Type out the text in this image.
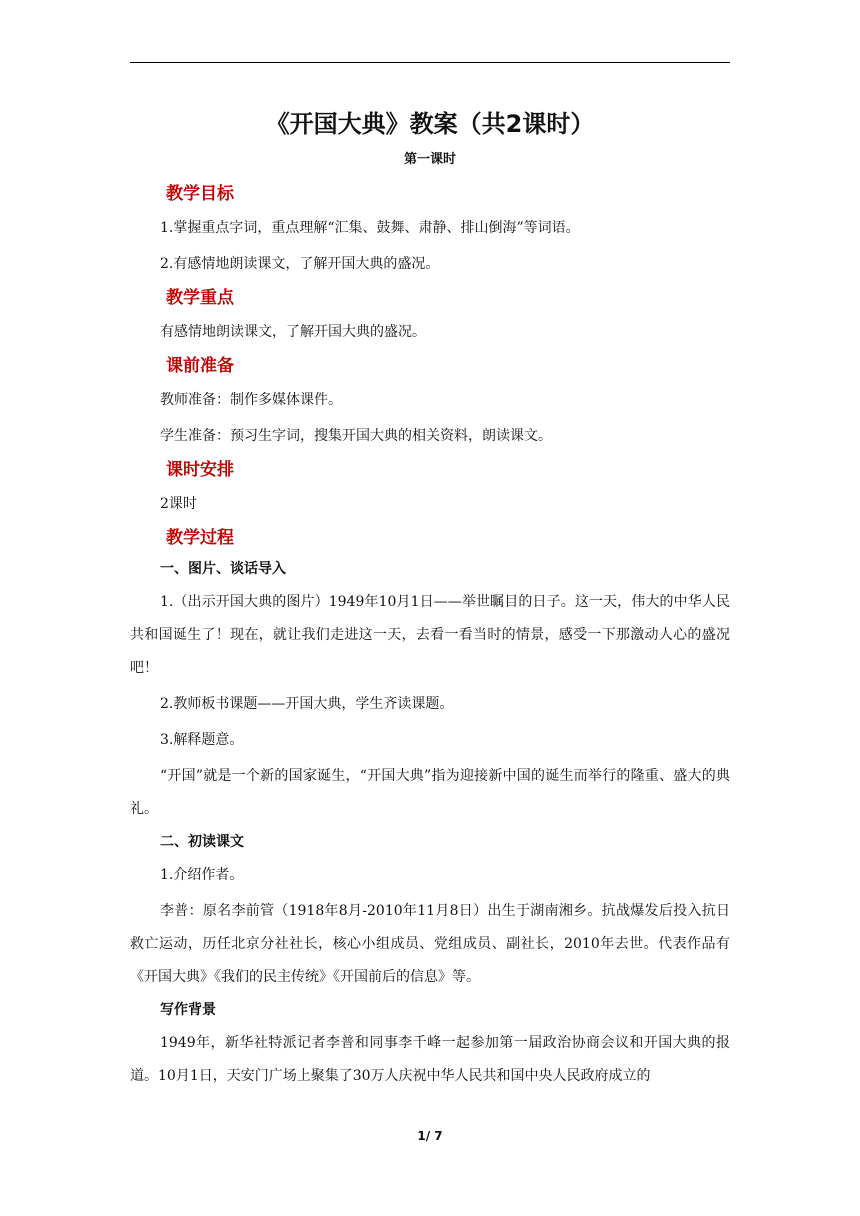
《开国大典》教案（共2课时）
第一课时
教学目标
1.掌握重点字词，重点理解“汇集、鼓舞、肃静、排山倒海”等词语。
2.有感情地朗读课文，了解开国大典的盛况。
教学重点
有感情地朗读课文，了解开国大典的盛况。
课前准备
教师准备：制作多媒体课件。
学生准备：预习生字词，搜集开国大典的相关资料，朗读课文。
课时安排
2课时
教学过程
一、图片、谈话导入
1.（出示开国大典的图片）1949年10月1日——举世瞩目的日子。这一天，伟大的中华人民共和国诞生了！现在，就让我们走进这一天，去看一看当时的情景，感受一下那激动人心的盛况吧！
2.教师板书课题——开国大典，学生齐读课题。
3.解释题意。
“开国”就是一个新的国家诞生，“开国大典”指为迎接新中国的诞生而举行的隆重、盛大的典礼。
二、初读课文
1.介绍作者。
李普：原名李前管（1918年8月-2010年11月8日）出生于湖南湘乡。抗战爆发后投入抗日救亡运动，历任北京分社社长，核心小组成员、党组成员、副社长，2010年去世。代表作品有《开国大典》《我们的民主传统》《开国前后的信息》等。
写作背景
1949年，新华社特派记者李普和同事李千峰一起参加第一届政治协商会议和开国大典的报道。10月1日，天安门广场上聚集了30万人庆祝中华人民共和国中央人民政府成立的
1/ 7
